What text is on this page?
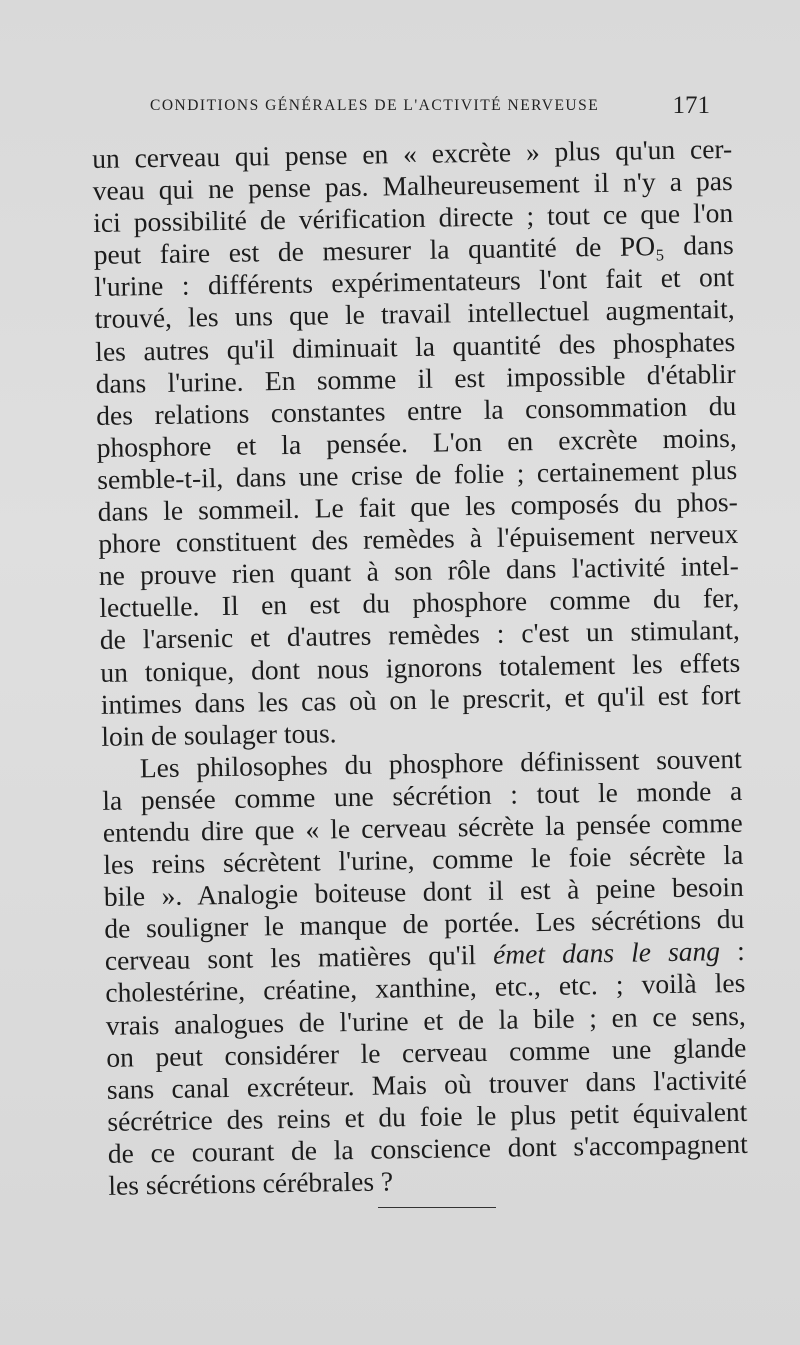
CONDITIONS GÉNÉRALES DE L'ACTIVITÉ NERVEUSE	171
un cerveau qui pense en « excrète » plus qu'un cer-
veau qui ne pense pas. Malheureusement il n'y a pas
ici possibilité de vérification directe ; tout ce que l'on
peut faire est de mesurer la quantité de PO₅ dans
l'urine : différents expérimentateurs l'ont fait et ont
trouvé, les uns que le travail intellectuel augmentait,
les autres qu'il diminuait la quantité des phosphates
dans l'urine. En somme il est impossible d'établir
des relations constantes entre la consommation du
phosphore et la pensée. L'on en excrète moins,
semble-t-il, dans une crise de folie ; certainement plus
dans le sommeil. Le fait que les composés du phos-
phore constituent des remèdes à l'épuisement nerveux
ne prouve rien quant à son rôle dans l'activité intel-
lectuelle. Il en est du phosphore comme du fer,
de l'arsenic et d'autres remèdes : c'est un stimulant,
un tonique, dont nous ignorons totalement les effets
intimes dans les cas où on le prescrit, et qu'il est fort
loin de soulager tous.
Les philosophes du phosphore définissent souvent
la pensée comme une sécrétion : tout le monde a
entendu dire que « le cerveau sécrète la pensée comme
les reins sécrètent l'urine, comme le foie sécrète la
bile ». Analogie boiteuse dont il est à peine besoin
de souligner le manque de portée. Les sécrétions du
cerveau sont les matières qu'il émet dans le sang :
cholestérine, créatine, xanthine, etc., etc. ; voilà les
vrais analogues de l'urine et de la bile ; en ce sens,
on peut considérer le cerveau comme une glande
sans canal excréteur. Mais où trouver dans l'activité
sécrétrice des reins et du foie le plus petit équivalent
de ce courant de la conscience dont s'accompagnent
les sécrétions cérébrales ?
